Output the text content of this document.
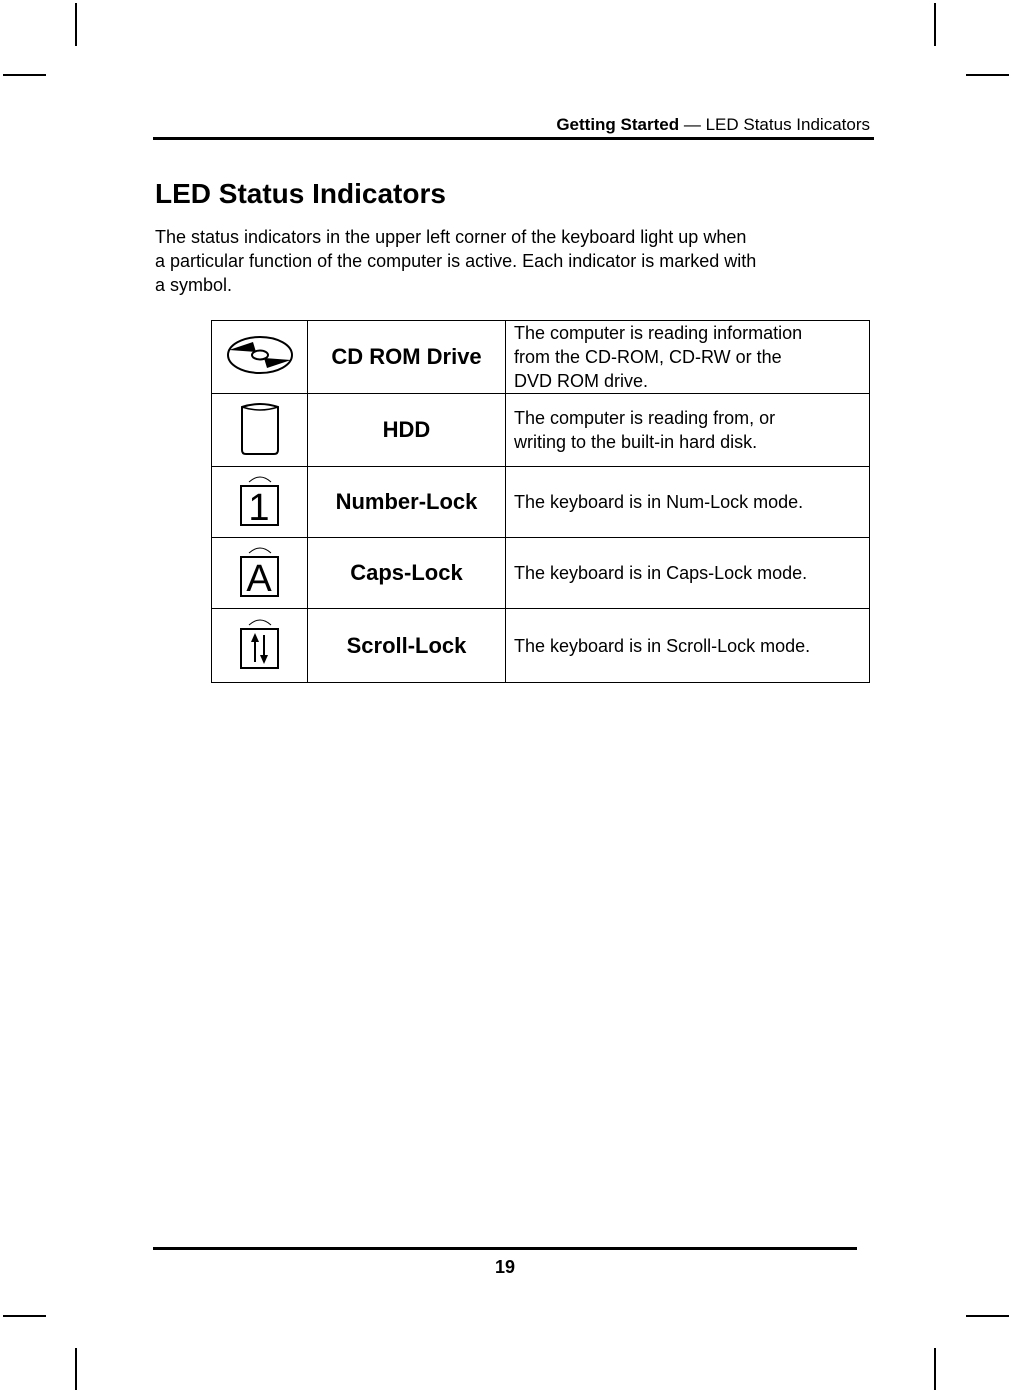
Getting Started — LED Status Indicators
LED Status Indicators

The status indicators in the upper left corner of the keyboard light up when
a particular function of the computer is active. Each indicator is marked with
a symbol.

	CD ROM Drive	The computer is reading information
from the CD-ROM, CD-RW or the
DVD ROM drive.

	HDD	The computer is reading from, or
writing to the built-in hard disk.

1	Number-Lock	The keyboard is in Num-Lock mode.

A	Caps-Lock	The keyboard is in Caps-Lock mode.

	Scroll-Lock	The keyboard is in Scroll-Lock mode.
19
